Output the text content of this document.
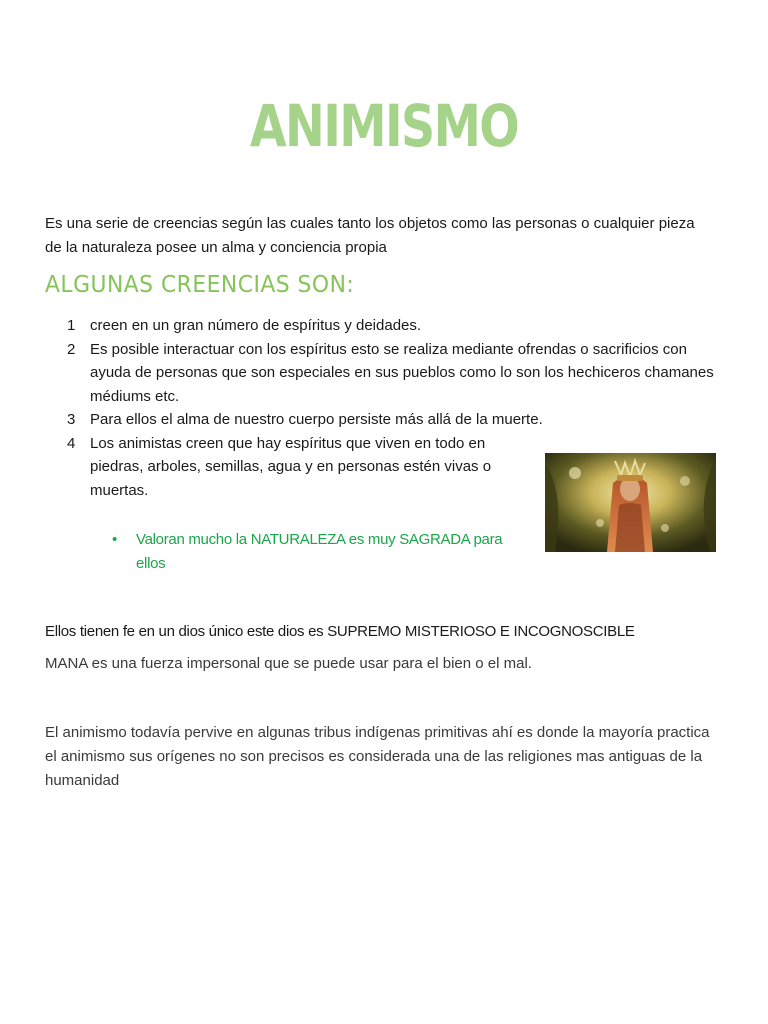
ANIMISMO
Es una serie de creencias según las cuales tanto los objetos como las personas o cualquier pieza de la naturaleza posee un alma y conciencia propia
ALGUNAS CREENCIAS SON:
1 creen en un gran número de espíritus y deidades.
2 Es posible interactuar con los espíritus esto se realiza mediante ofrendas o sacrificios con ayuda de personas que son especiales en sus pueblos como lo son los hechiceros chamanes médiums etc.
3 Para ellos el alma de nuestro cuerpo persiste más allá de la muerte.
4 Los animistas creen que hay espíritus que viven en todo en piedras, arboles, semillas, agua y en personas estén vivas o muertas.
•	Valoran mucho la NATURALEZA es muy SAGRADA para ellos
Ellos tienen fe en un dios único este dios es SUPREMO MISTERIOSO E INCOGNOSCIBLE
MANA es una fuerza impersonal que se puede usar para el bien o el mal.
El animismo todavía pervive en algunas tribus indígenas primitivas ahí es donde la mayoría practica el animismo sus orígenes no son precisos es considerada una de las religiones mas antiguas de la humanidad
